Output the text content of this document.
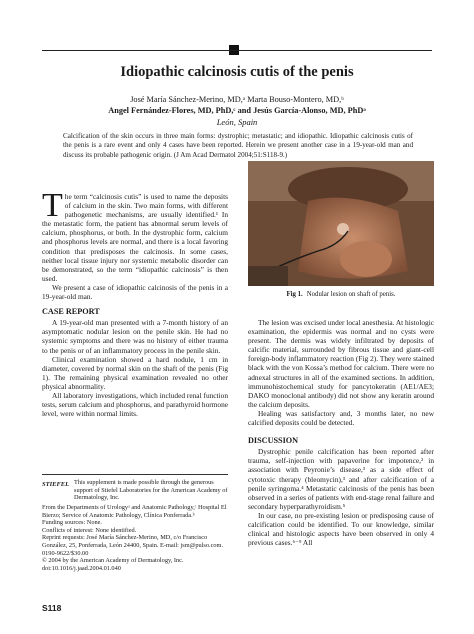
Idiopathic calcinosis cutis of the penis
José María Sánchez-Merino, MD,ᵃ Marta Bouso-Montero, MD,ᵇ
Angel Fernández-Flores, MD, PhD,ᶜ and Jesús García-Alonso, MD, PhDᵃ
León, Spain
Calcification of the skin occurs in three main forms: dystrophic; metastatic; and idiopathic. Idiopathic calcinosis cutis of the penis is a rare event and only 4 cases have been reported. Herein we present another case in a 19-year-old man and discuss its probable pathogenic origin. (J Am Acad Dermatol 2004;51:S118-9.)

The term “calcinosis cutis” is used to name the deposits of calcium in the skin. Two main forms, with different pathogenetic mechanisms, are usually identified.¹ In the metastatic form, the patient has abnormal serum levels of calcium, phosphorus, or both. In the dystrophic form, calcium and phosphorus levels are normal, and there is a local favoring condition that predisposes the calcinosis. In some cases, neither local tissue injury nor systemic metabolic disorder can be demonstrated, so the term “idiopathic calcinosis” is then used.

We present a case of idiopathic calcinosis of the penis in a 19-year-old man.

CASE REPORT

A 19-year-old man presented with a 7-month history of an asymptomatic nodular lesion on the penile skin. He had no systemic symptoms and there was no history of either trauma to the penis or of an inflammatory process in the penile skin.

Clinical examination showed a hard nodule, 1 cm in diameter, covered by normal skin on the shaft of the penis (Fig 1). The remaining physical examination revealed no other physical abnormality.

All laboratory investigations, which included renal function tests, serum calcium and phosphorus, and parathyroid hormone level, were within normal limits.

STIEFEL This supplement is made possible through the generous support of Stiefel Laboratories for the American Academy of Dermatology, Inc.

From the Departments of Urologyᵃ and Anatomic Pathology,ᶜ Hospital El Bierzo; Service of Anatomic Pathology, Clínica Ponferrada.ᵇ

Funding sources: None.

Conflicts of interest: None identified.

Reprint requests: José María Sánchez-Merino, MD, c/o Francisco González, 25, Ponferrada, León 24400, Spain. E-mail: jsm@pulso.com.

0190-9622/$30.00

© 2004 by the American Academy of Dermatology, Inc.

doi:10.1016/j.jaad.2004.01.040

S118
Fig 1. Nodular lesion on shaft of penis.

The lesion was excised under local anesthesia. At histologic examination, the epidermis was normal and no cysts were present. The dermis was widely infiltrated by deposits of calcific material, surrounded by fibrous tissue and giant-cell foreign-body inflammatory reaction (Fig 2). They were stained black with the von Kossa’s method for calcium. There were no adnexal structures in all of the examined sections. In addition, immunohistochemical study for pancytokeratin (AE1/AE3; DAKO monoclonal antibody) did not show any keratin around the calcium deposits.

Healing was satisfactory and, 3 months later, no new calcified deposits could be detected.

DISCUSSION

Dystrophic penile calcification has been reported after trauma, self-injection with papaverine for impotence,² in association with Peyronie’s disease,³ as a side effect of cytotoxic therapy (bleomycin),³ and after calcification of a penile syringoma.⁴ Metastatic calcinosis of the penis has been observed in a series of patients with end-stage renal failure and secondary hyperparathyroidism.⁵

In our case, no pre-existing lesion or predisposing cause of calcification could be identified. To our knowledge, similar clinical and histologic aspects have been observed in only 4 previous cases.⁶⁻⁹ All
